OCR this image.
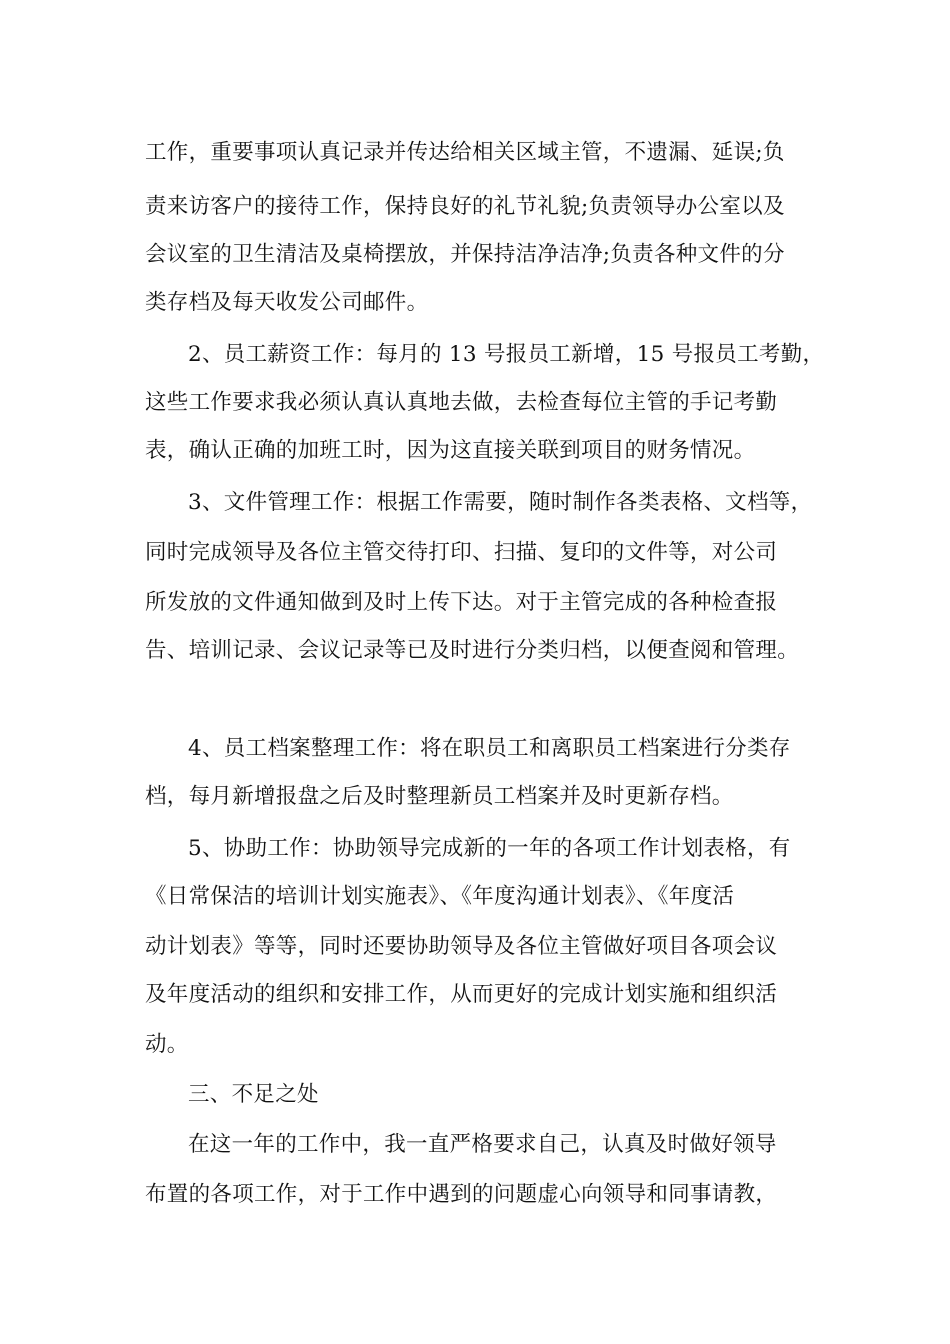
工作，重要事项认真记录并传达给相关区域主管，不遗漏、延误;负
责来访客户的接待工作，保持良好的礼节礼貌;负责领导办公室以及
会议室的卫生清洁及桌椅摆放，并保持洁净洁净;负责各种文件的分
类存档及每天收发公司邮件。
2、员工薪资工作：每月的 13 号报员工新增，15 号报员工考勤，
这些工作要求我必须认真认真地去做，去检查每位主管的手记考勤
表，确认正确的加班工时，因为这直接关联到项目的财务情况。
3、文件管理工作：根据工作需要，随时制作各类表格、文档等，
同时完成领导及各位主管交待打印、扫描、复印的文件等，对公司
所发放的文件通知做到及时上传下达。对于主管完成的各种检查报
告、培训记录、会议记录等已及时进行分类归档，以便查阅和管理。
4、员工档案整理工作：将在职员工和离职员工档案进行分类存
档，每月新增报盘之后及时整理新员工档案并及时更新存档。
5、协助工作：协助领导完成新的一年的各项工作计划表格，有
《日常保洁的培训计划实施表》、《年度沟通计划表》、《年度活
动计划表》等等，同时还要协助领导及各位主管做好项目各项会议
及年度活动的组织和安排工作，从而更好的完成计划实施和组织活
动。
三、不足之处
在这一年的工作中，我一直严格要求自己，认真及时做好领导
布置的各项工作，对于工作中遇到的问题虚心向领导和同事请教，
